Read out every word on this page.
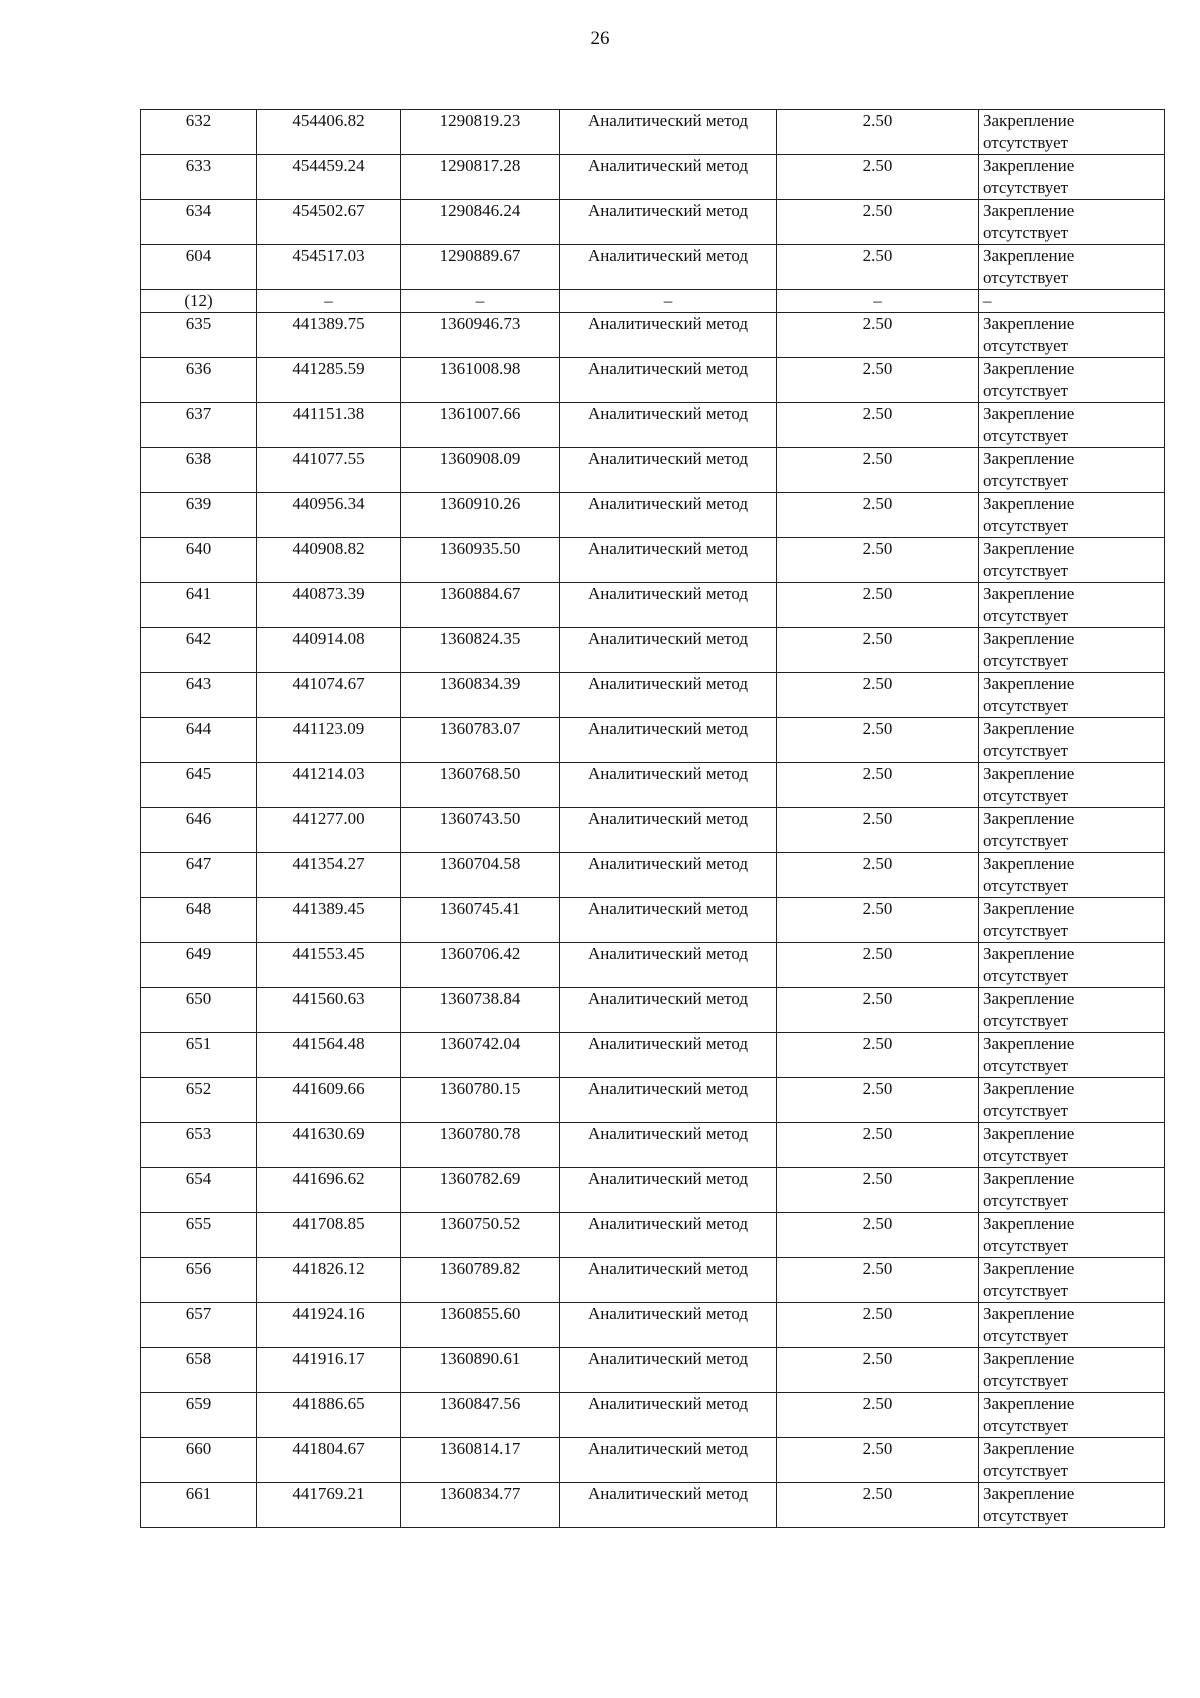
26
632	454406.82	1290819.23	Аналитический метод	2.50	Закрепление отсутствует
633	454459.24	1290817.28	Аналитический метод	2.50	Закрепление отсутствует
634	454502.67	1290846.24	Аналитический метод	2.50	Закрепление отсутствует
604	454517.03	1290889.67	Аналитический метод	2.50	Закрепление отсутствует
(12)	–	–	–	–	–
635	441389.75	1360946.73	Аналитический метод	2.50	Закрепление отсутствует
636	441285.59	1361008.98	Аналитический метод	2.50	Закрепление отсутствует
637	441151.38	1361007.66	Аналитический метод	2.50	Закрепление отсутствует
638	441077.55	1360908.09	Аналитический метод	2.50	Закрепление отсутствует
639	440956.34	1360910.26	Аналитический метод	2.50	Закрепление отсутствует
640	440908.82	1360935.50	Аналитический метод	2.50	Закрепление отсутствует
641	440873.39	1360884.67	Аналитический метод	2.50	Закрепление отсутствует
642	440914.08	1360824.35	Аналитический метод	2.50	Закрепление отсутствует
643	441074.67	1360834.39	Аналитический метод	2.50	Закрепление отсутствует
644	441123.09	1360783.07	Аналитический метод	2.50	Закрепление отсутствует
645	441214.03	1360768.50	Аналитический метод	2.50	Закрепление отсутствует
646	441277.00	1360743.50	Аналитический метод	2.50	Закрепление отсутствует
647	441354.27	1360704.58	Аналитический метод	2.50	Закрепление отсутствует
648	441389.45	1360745.41	Аналитический метод	2.50	Закрепление отсутствует
649	441553.45	1360706.42	Аналитический метод	2.50	Закрепление отсутствует
650	441560.63	1360738.84	Аналитический метод	2.50	Закрепление отсутствует
651	441564.48	1360742.04	Аналитический метод	2.50	Закрепление отсутствует
652	441609.66	1360780.15	Аналитический метод	2.50	Закрепление отсутствует
653	441630.69	1360780.78	Аналитический метод	2.50	Закрепление отсутствует
654	441696.62	1360782.69	Аналитический метод	2.50	Закрепление отсутствует
655	441708.85	1360750.52	Аналитический метод	2.50	Закрепление отсутствует
656	441826.12	1360789.82	Аналитический метод	2.50	Закрепление отсутствует
657	441924.16	1360855.60	Аналитический метод	2.50	Закрепление отсутствует
658	441916.17	1360890.61	Аналитический метод	2.50	Закрепление отсутствует
659	441886.65	1360847.56	Аналитический метод	2.50	Закрепление отсутствует
660	441804.67	1360814.17	Аналитический метод	2.50	Закрепление отсутствует
661	441769.21	1360834.77	Аналитический метод	2.50	Закрепление отсутствует
